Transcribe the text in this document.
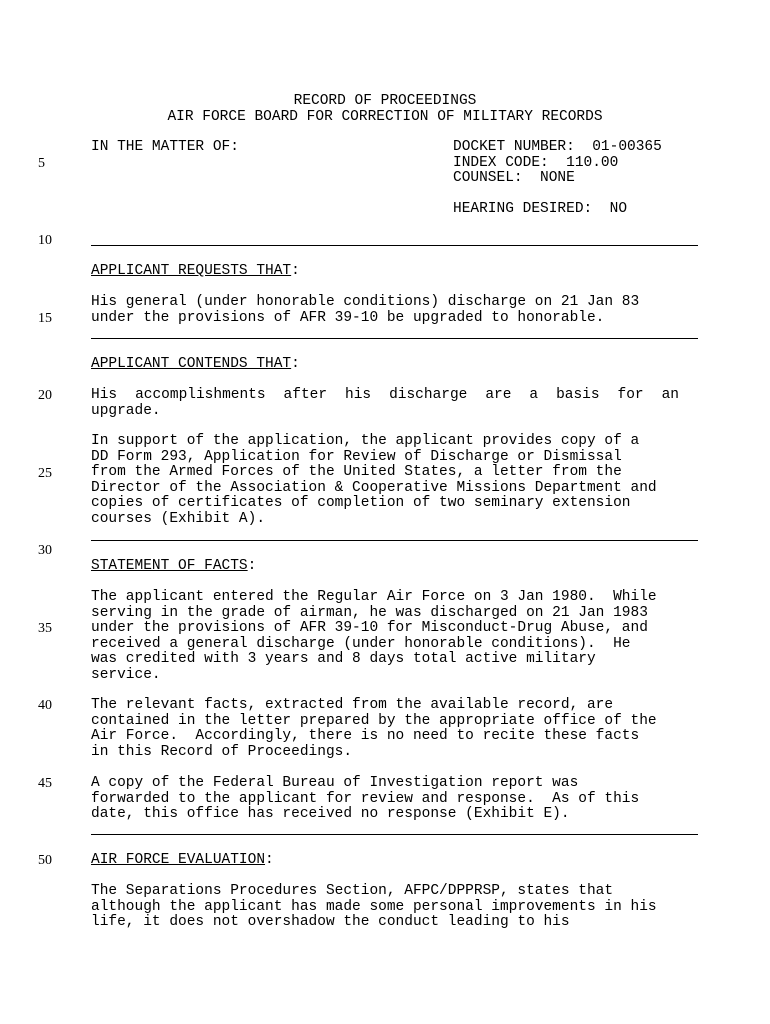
RECORD OF PROCEEDINGS
AIR FORCE BOARD FOR CORRECTION OF MILITARY RECORDS
IN THE MATTER OF:	DOCKET NUMBER:  01-00365
INDEX CODE:  110.00
COUNSEL:  NONE
HEARING DESIRED:  NO
5
10
15
20
25
30
35
40
45
50
APPLICANT REQUESTS THAT:
His general (under honorable conditions) discharge on 21 Jan 83
under the provisions of AFR 39-10 be upgraded to honorable.
APPLICANT CONTENDS THAT:
His accomplishments after his discharge are a basis for an
upgrade.
In support of the application, the applicant provides copy of a
DD Form 293, Application for Review of Discharge or Dismissal
from the Armed Forces of the United States, a letter from the
Director of the Association & Cooperative Missions Department and
copies of certificates of completion of two seminary extension
courses (Exhibit A).
STATEMENT OF FACTS:
The applicant entered the Regular Air Force on 3 Jan 1980.  While
serving in the grade of airman, he was discharged on 21 Jan 1983
under the provisions of AFR 39-10 for Misconduct-Drug Abuse, and
received a general discharge (under honorable conditions).  He
was credited with 3 years and 8 days total active military
service.
The relevant facts, extracted from the available record, are
contained in the letter prepared by the appropriate office of the
Air Force.  Accordingly, there is no need to recite these facts
in this Record of Proceedings.
A copy of the Federal Bureau of Investigation report was
forwarded to the applicant for review and response.  As of this
date, this office has received no response (Exhibit E).
AIR FORCE EVALUATION:
The Separations Procedures Section, AFPC/DPPRSP, states that
although the applicant has made some personal improvements in his
life, it does not overshadow the conduct leading to his
